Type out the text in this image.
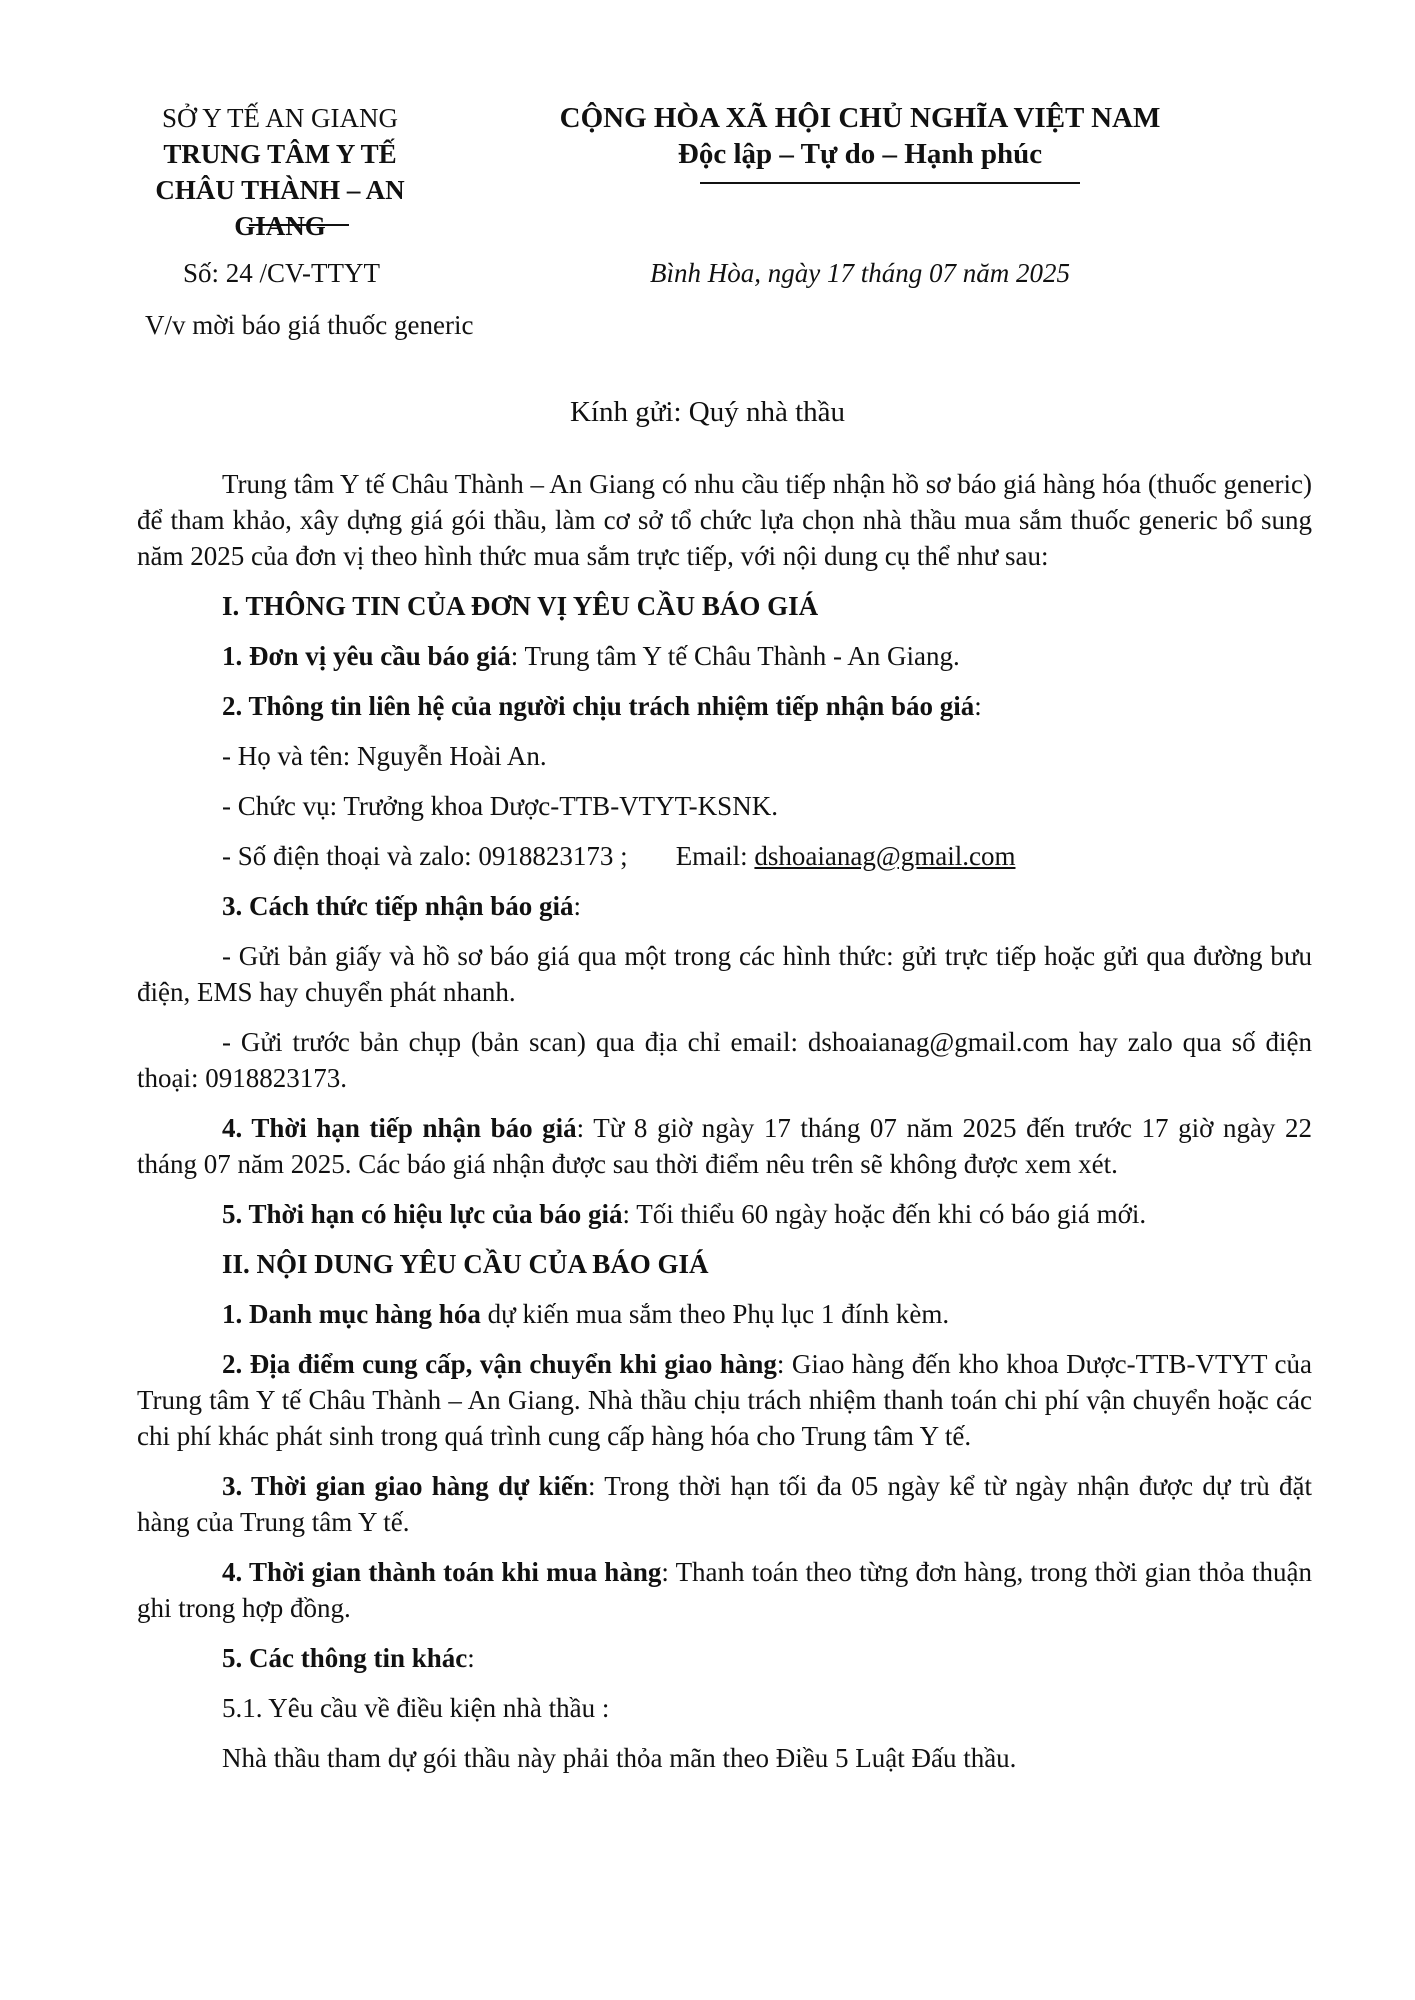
SỞ Y TẾ AN GIANG
TRUNG TÂM Y TẾ
CHÂU THÀNH – AN GIANG
CỘNG HÒA XÃ HỘI CHỦ NGHĨA VIỆT NAM
Độc lập – Tự do – Hạnh phúc
Số: 24 /CV-TTYT	Bình Hòa, ngày 17 tháng 07 năm 2025
V/v mời báo giá thuốc generic
Kính gửi: Quý nhà thầu

Trung tâm Y tế Châu Thành – An Giang có nhu cầu tiếp nhận hồ sơ báo giá hàng hóa (thuốc generic) để tham khảo, xây dựng giá gói thầu, làm cơ sở tổ chức lựa chọn nhà thầu mua sắm thuốc generic bổ sung năm 2025 của đơn vị theo hình thức mua sắm trực tiếp, với nội dung cụ thể như sau:

I. THÔNG TIN CỦA ĐƠN VỊ YÊU CẦU BÁO GIÁ

1. Đơn vị yêu cầu báo giá: Trung tâm Y tế Châu Thành - An Giang.

2. Thông tin liên hệ của người chịu trách nhiệm tiếp nhận báo giá:

- Họ và tên: Nguyễn Hoài An.

- Chức vụ: Trưởng khoa Dược-TTB-VTYT-KSNK.

- Số điện thoại và zalo: 0918823173 ; Email: dshoaianag@gmail.com

3. Cách thức tiếp nhận báo giá:

- Gửi bản giấy và hồ sơ báo giá qua một trong các hình thức: gửi trực tiếp hoặc gửi qua đường bưu điện, EMS hay chuyển phát nhanh.

- Gửi trước bản chụp (bản scan) qua địa chỉ email: dshoaianag@gmail.com hay zalo qua số điện thoại: 0918823173.

4. Thời hạn tiếp nhận báo giá: Từ 8 giờ ngày 17 tháng 07 năm 2025 đến trước 17 giờ ngày 22 tháng 07 năm 2025. Các báo giá nhận được sau thời điểm nêu trên sẽ không được xem xét.

5. Thời hạn có hiệu lực của báo giá: Tối thiểu 60 ngày hoặc đến khi có báo giá mới.

II. NỘI DUNG YÊU CẦU CỦA BÁO GIÁ

1. Danh mục hàng hóa dự kiến mua sắm theo Phụ lục 1 đính kèm.

2. Địa điểm cung cấp, vận chuyển khi giao hàng: Giao hàng đến kho khoa Dược-TTB-VTYT của Trung tâm Y tế Châu Thành – An Giang. Nhà thầu chịu trách nhiệm thanh toán chi phí vận chuyển hoặc các chi phí khác phát sinh trong quá trình cung cấp hàng hóa cho Trung tâm Y tế.

3. Thời gian giao hàng dự kiến: Trong thời hạn tối đa 05 ngày kể từ ngày nhận được dự trù đặt hàng của Trung tâm Y tế.

4. Thời gian thành toán khi mua hàng: Thanh toán theo từng đơn hàng, trong thời gian thỏa thuận ghi trong hợp đồng.

5. Các thông tin khác:

5.1. Yêu cầu về điều kiện nhà thầu :

Nhà thầu tham dự gói thầu này phải thỏa mãn theo Điều 5 Luật Đấu thầu.
